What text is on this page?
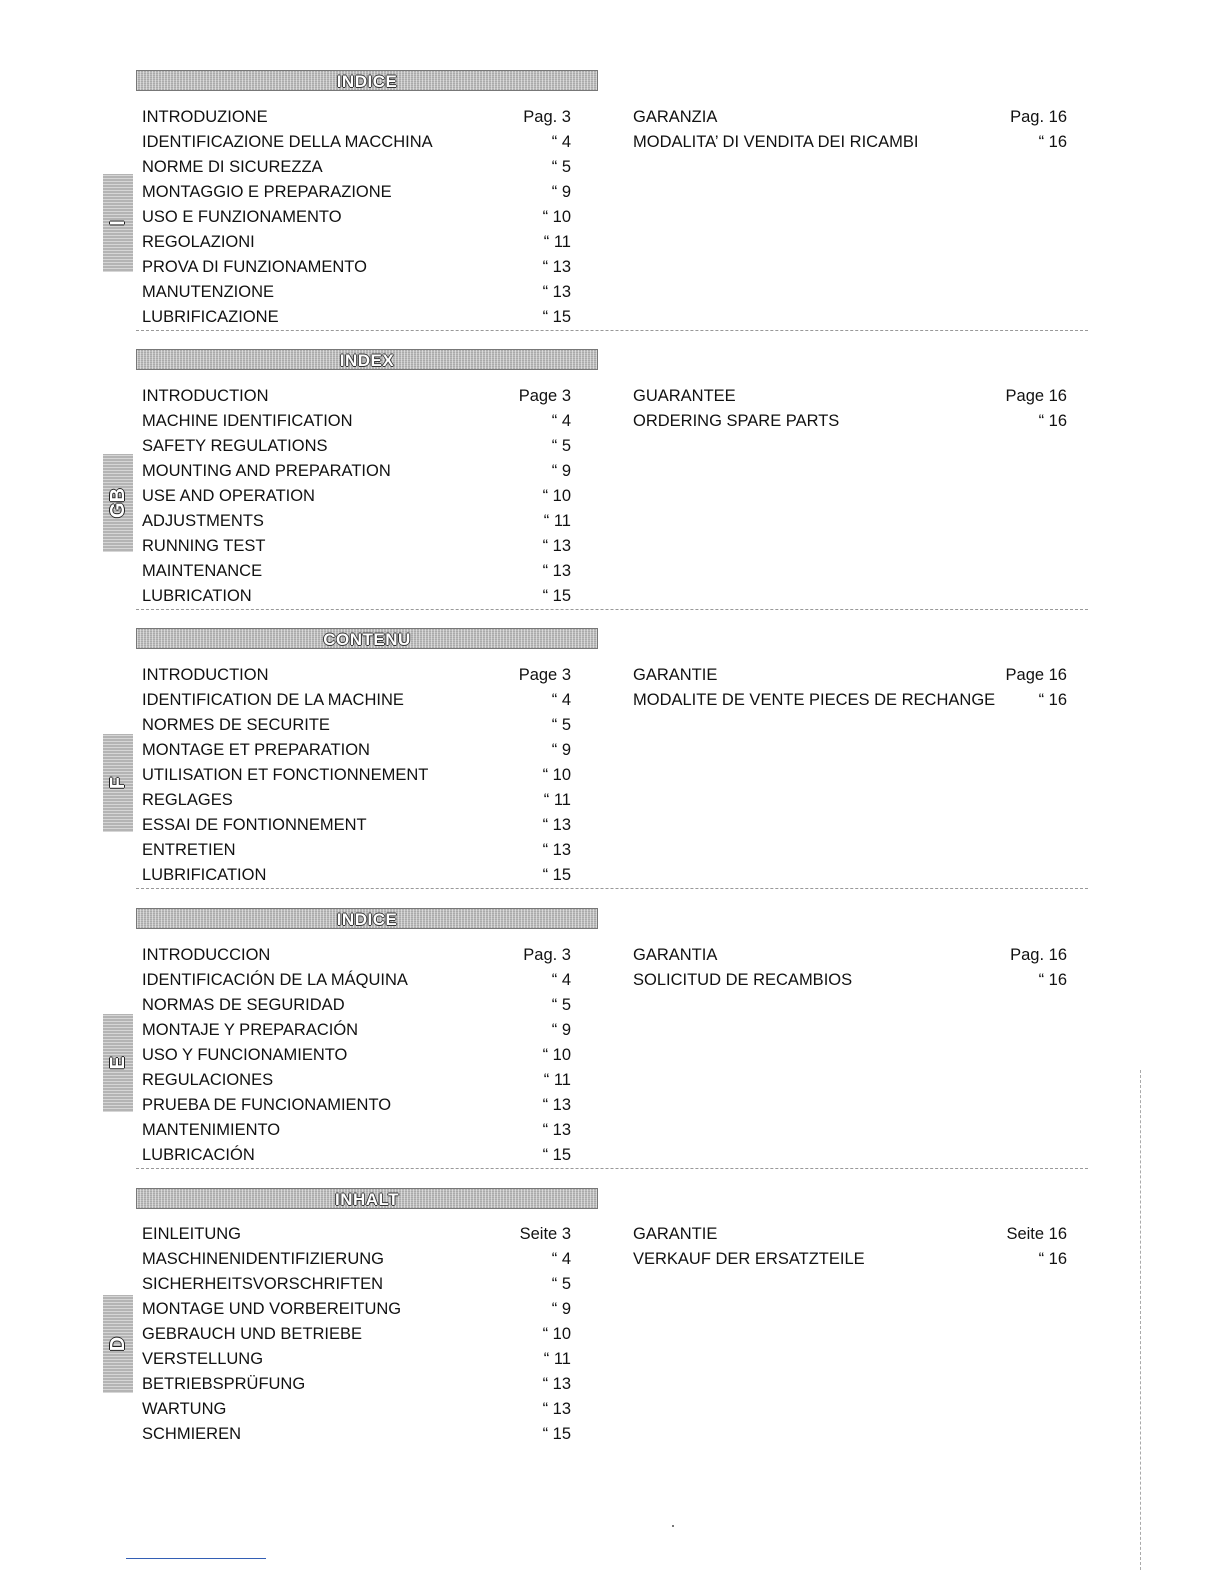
INDICE
I
INTRODUZIONE	Pag. 3
IDENTIFICAZIONE DELLA MACCHINA	“ 4
NORME DI SICUREZZA	“ 5
MONTAGGIO E PREPARAZIONE	“ 9
USO E FUNZIONAMENTO	“ 10
REGOLAZIONI	“ 11
PROVA DI FUNZIONAMENTO	“ 13
MANUTENZIONE	“ 13
LUBRIFICAZIONE	“ 15
GARANZIA	Pag. 16
MODALITA’ DI VENDITA DEI RICAMBI	“ 16
INDEX
GB
INTRODUCTION	Page 3
MACHINE IDENTIFICATION	“ 4
SAFETY REGULATIONS	“ 5
MOUNTING AND PREPARATION	“ 9
USE AND OPERATION	“ 10
ADJUSTMENTS	“ 11
RUNNING TEST	“ 13
MAINTENANCE	“ 13
LUBRICATION	“ 15
GUARANTEE	Page 16
ORDERING SPARE PARTS	“ 16
CONTENU
F
INTRODUCTION	Page 3
IDENTIFICATION DE LA MACHINE	“ 4
NORMES DE SECURITE	“ 5
MONTAGE ET PREPARATION	“ 9
UTILISATION ET FONCTIONNEMENT	“ 10
REGLAGES	“ 11
ESSAI DE FONTIONNEMENT	“ 13
ENTRETIEN	“ 13
LUBRIFICATION	“ 15
GARANTIE	Page 16
MODALITE DE VENTE PIECES DE RECHANGE	“ 16
INDICE
E
INTRODUCCION	Pag. 3
IDENTIFICACIÓN DE LA MÁQUINA	“ 4
NORMAS DE SEGURIDAD	“ 5
MONTAJE Y PREPARACIÓN	“ 9
USO Y FUNCIONAMIENTO	“ 10
REGULACIONES	“ 11
PRUEBA DE FUNCIONAMIENTO	“ 13
MANTENIMIENTO	“ 13
LUBRICACIÓN	“ 15
GARANTIA	Pag. 16
SOLICITUD DE RECAMBIOS	“ 16
INHALT
D
EINLEITUNG	Seite 3
MASCHINENIDENTIFIZIERUNG	“ 4
SICHERHEITSVORSCHRIFTEN	“ 5
MONTAGE UND VORBEREITUNG	“ 9
GEBRAUCH UND BETRIEBE	“ 10
VERSTELLUNG	“ 11
BETRIEBSPRÜFUNG	“ 13
WARTUNG	“ 13
SCHMIEREN	“ 15
GARANTIE	Seite 16
VERKAUF DER ERSATZTEILE	“ 16
